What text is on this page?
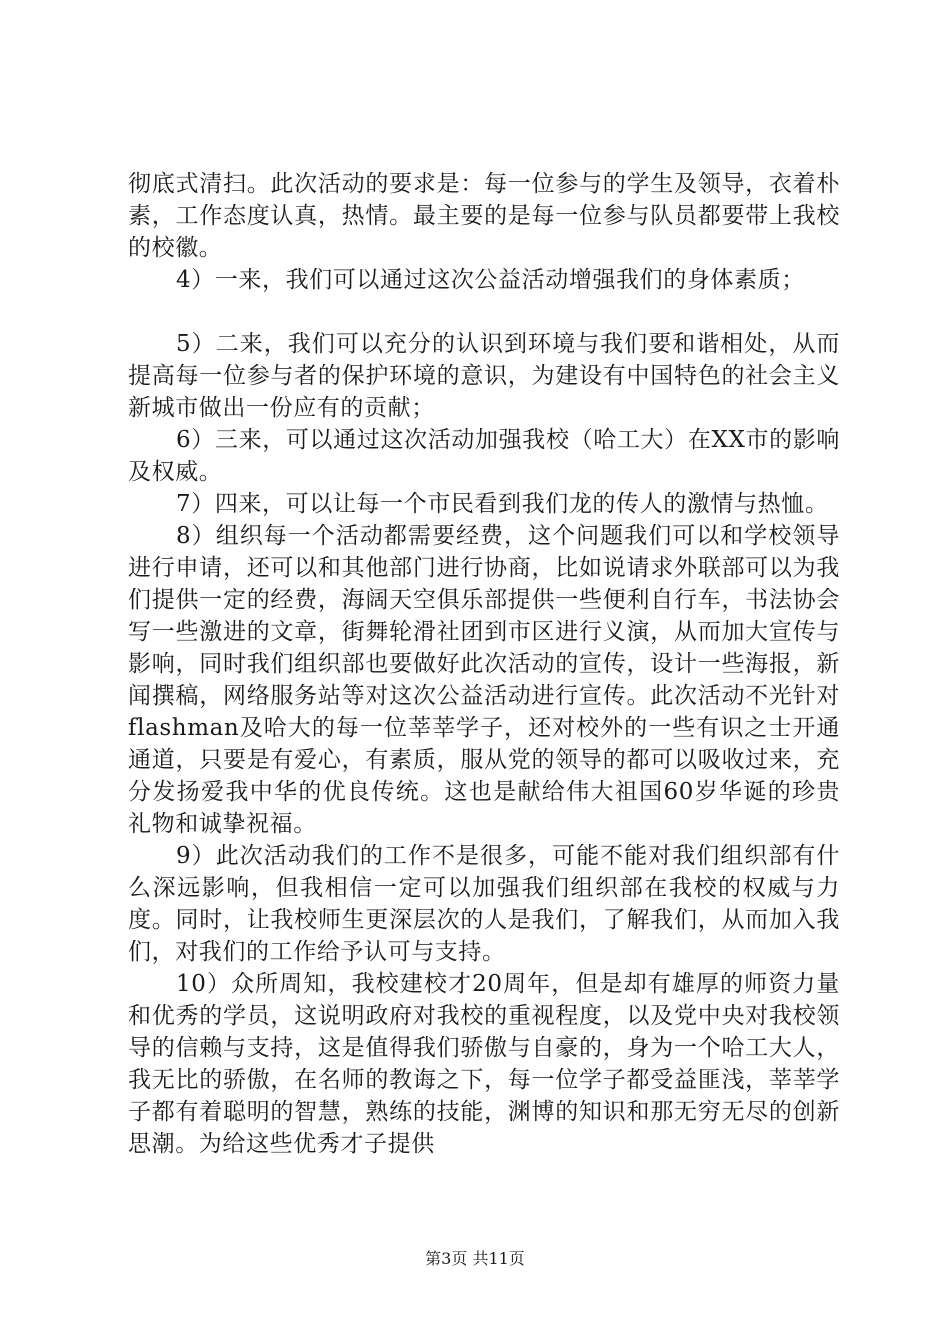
彻底式清扫。此次活动的要求是：每一位参与的学生及领导，衣着朴素，工作态度认真，热情。最主要的是每一位参与队员都要带上我校的校徽。

4）一来，我们可以通过这次公益活动增强我们的身体素质；

5）二来，我们可以充分的认识到环境与我们要和谐相处，从而提高每一位参与者的保护环境的意识，为建设有中国特色的社会主义新城市做出一份应有的贡献；

6）三来，可以通过这次活动加强我校（哈工大）在XX市的影响及权威。

7）四来，可以让每一个市民看到我们龙的传人的激情与热恤。

8）组织每一个活动都需要经费，这个问题我们可以和学校领导进行申请，还可以和其他部门进行协商，比如说请求外联部可以为我们提供一定的经费，海阔天空俱乐部提供一些便利自行车，书法协会写一些激进的文章，街舞轮滑社团到市区进行义演，从而加大宣传与影响，同时我们组织部也要做好此次活动的宣传，设计一些海报，新闻撰稿，网络服务站等对这次公益活动进行宣传。此次活动不光针对flashman及哈大的每一位莘莘学子，还对校外的一些有识之士开通通道，只要是有爱心，有素质，服从党的领导的都可以吸收过来，充分发扬爱我中华的优良传统。这也是献给伟大祖国60岁华诞的珍贵礼物和诚挚祝福。

9）此次活动我们的工作不是很多，可能不能对我们组织部有什么深远影响，但我相信一定可以加强我们组织部在我校的权威与力度。同时，让我校师生更深层次的人是我们，了解我们，从而加入我们，对我们的工作给予认可与支持。

10）众所周知，我校建校才20周年，但是却有雄厚的师资力量和优秀的学员，这说明政府对我校的重视程度，以及党中央对我校领导的信赖与支持，这是值得我们骄傲与自豪的，身为一个哈工大人，我无比的骄傲，在名师的教诲之下，每一位学子都受益匪浅，莘莘学子都有着聪明的智慧，熟练的技能，渊博的知识和那无穷无尽的创新思潮。为给这些优秀才子提供

第3页 共11页
